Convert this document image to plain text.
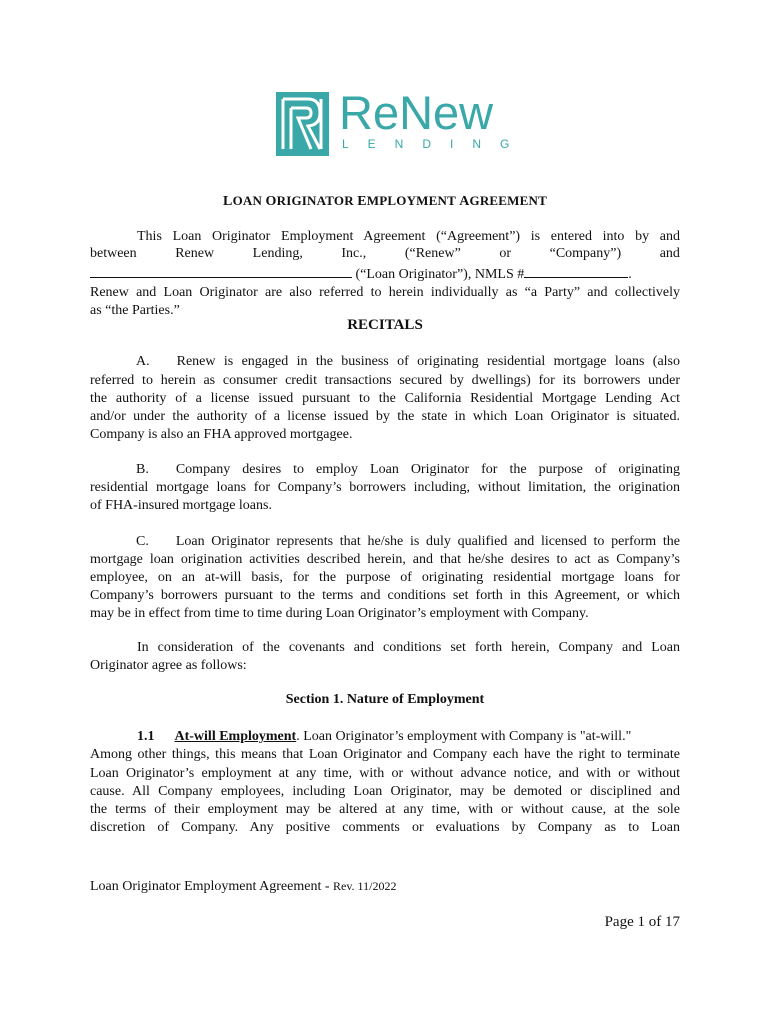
ReNew
LENDING
LOAN ORIGINATOR EMPLOYMENT AGREEMENT
This Loan Originator Employment Agreement (“Agreement”) is entered into by and
between	Renew	Lending,	Inc.,	(“Renew”	or	“Company”)	and
(“Loan Originator”), NMLS #	.
Renew and Loan Originator are also referred to herein individually as “a Party” and collectively
as “the Parties.”
RECITALS
A. Renew is engaged in the business of originating residential mortgage loans (also
referred to herein as consumer credit transactions secured by dwellings) for its borrowers under
the authority of a license issued pursuant to the California Residential Mortgage Lending Act
and/or under the authority of a license issued by the state in which Loan Originator is situated.
Company is also an FHA approved mortgagee.
B. Company desires to employ Loan Originator for the purpose of originating
residential mortgage loans for Company’s borrowers including, without limitation, the origination
of FHA-insured mortgage loans.
C. Loan Originator represents that he/she is duly qualified and licensed to perform the
mortgage loan origination activities described herein, and that he/she desires to act as Company’s
employee, on an at-will basis, for the purpose of originating residential mortgage loans for
Company’s borrowers pursuant to the terms and conditions set forth in this Agreement, or which
may be in effect from time to time during Loan Originator’s employment with Company.
In consideration of the covenants and conditions set forth herein, Company and Loan
Originator agree as follows:
Section 1. Nature of Employment
1.1 At-will Employment. Loan Originator’s employment with Company is "at-will."
Among other things, this means that Loan Originator and Company each have the right to terminate
Loan Originator’s employment at any time, with or without advance notice, and with or without
cause. All Company employees, including Loan Originator, may be demoted or disciplined and
the terms of their employment may be altered at any time, with or without cause, at the sole
discretion of Company. Any positive comments or evaluations by Company as to Loan
Loan Originator Employment Agreement - Rev. 11/2022
Page 1 of 17
